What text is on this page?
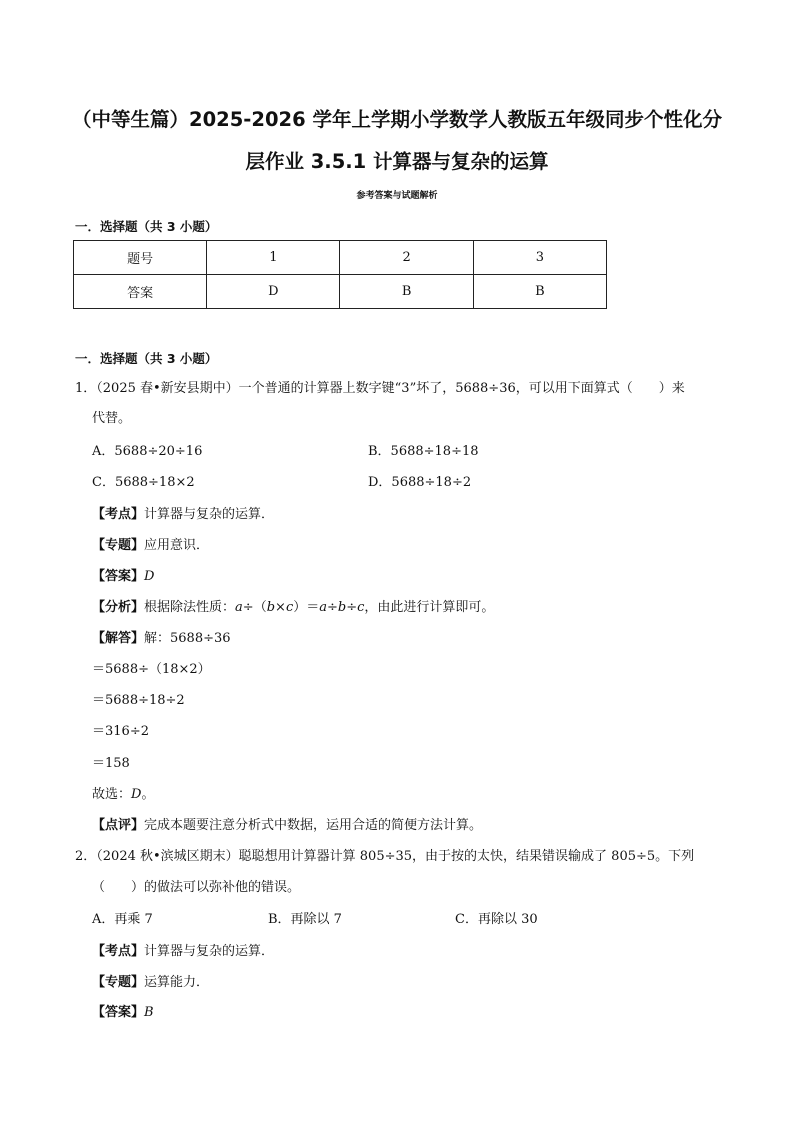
（中等生篇）2025-2026 学年上学期小学数学人教版五年级同步个性化分
层作业 3.5.1 计算器与复杂的运算
参考答案与试题解析
一．选择题（共 3 小题）
题号	1	2	3
答案	D	B	B
一．选择题（共 3 小题）
1．（2025 春•新安县期中）一个普通的计算器上数字键“3”坏了，5688÷36，可以用下面算式（　　）来
代替。
A．5688÷20÷16	B．5688÷18÷18
C．5688÷18×2	D．5688÷18÷2
【考点】计算器与复杂的运算．
【专题】应用意识．
【答案】D
【分析】根据除法性质：a÷（b×c）＝a÷b÷c，由此进行计算即可。
【解答】解：5688÷36
＝5688÷（18×2）
＝5688÷18÷2
＝316÷2
＝158
故选：D。
【点评】完成本题要注意分析式中数据，运用合适的简便方法计算。
2．（2024 秋•滨城区期末）聪聪想用计算器计算 805÷35，由于按的太快，结果错误输成了 805÷5。下列
（　　）的做法可以弥补他的错误。
A．再乘 7	B．再除以 7	C．再除以 30
【考点】计算器与复杂的运算．
【专题】运算能力．
【答案】B
